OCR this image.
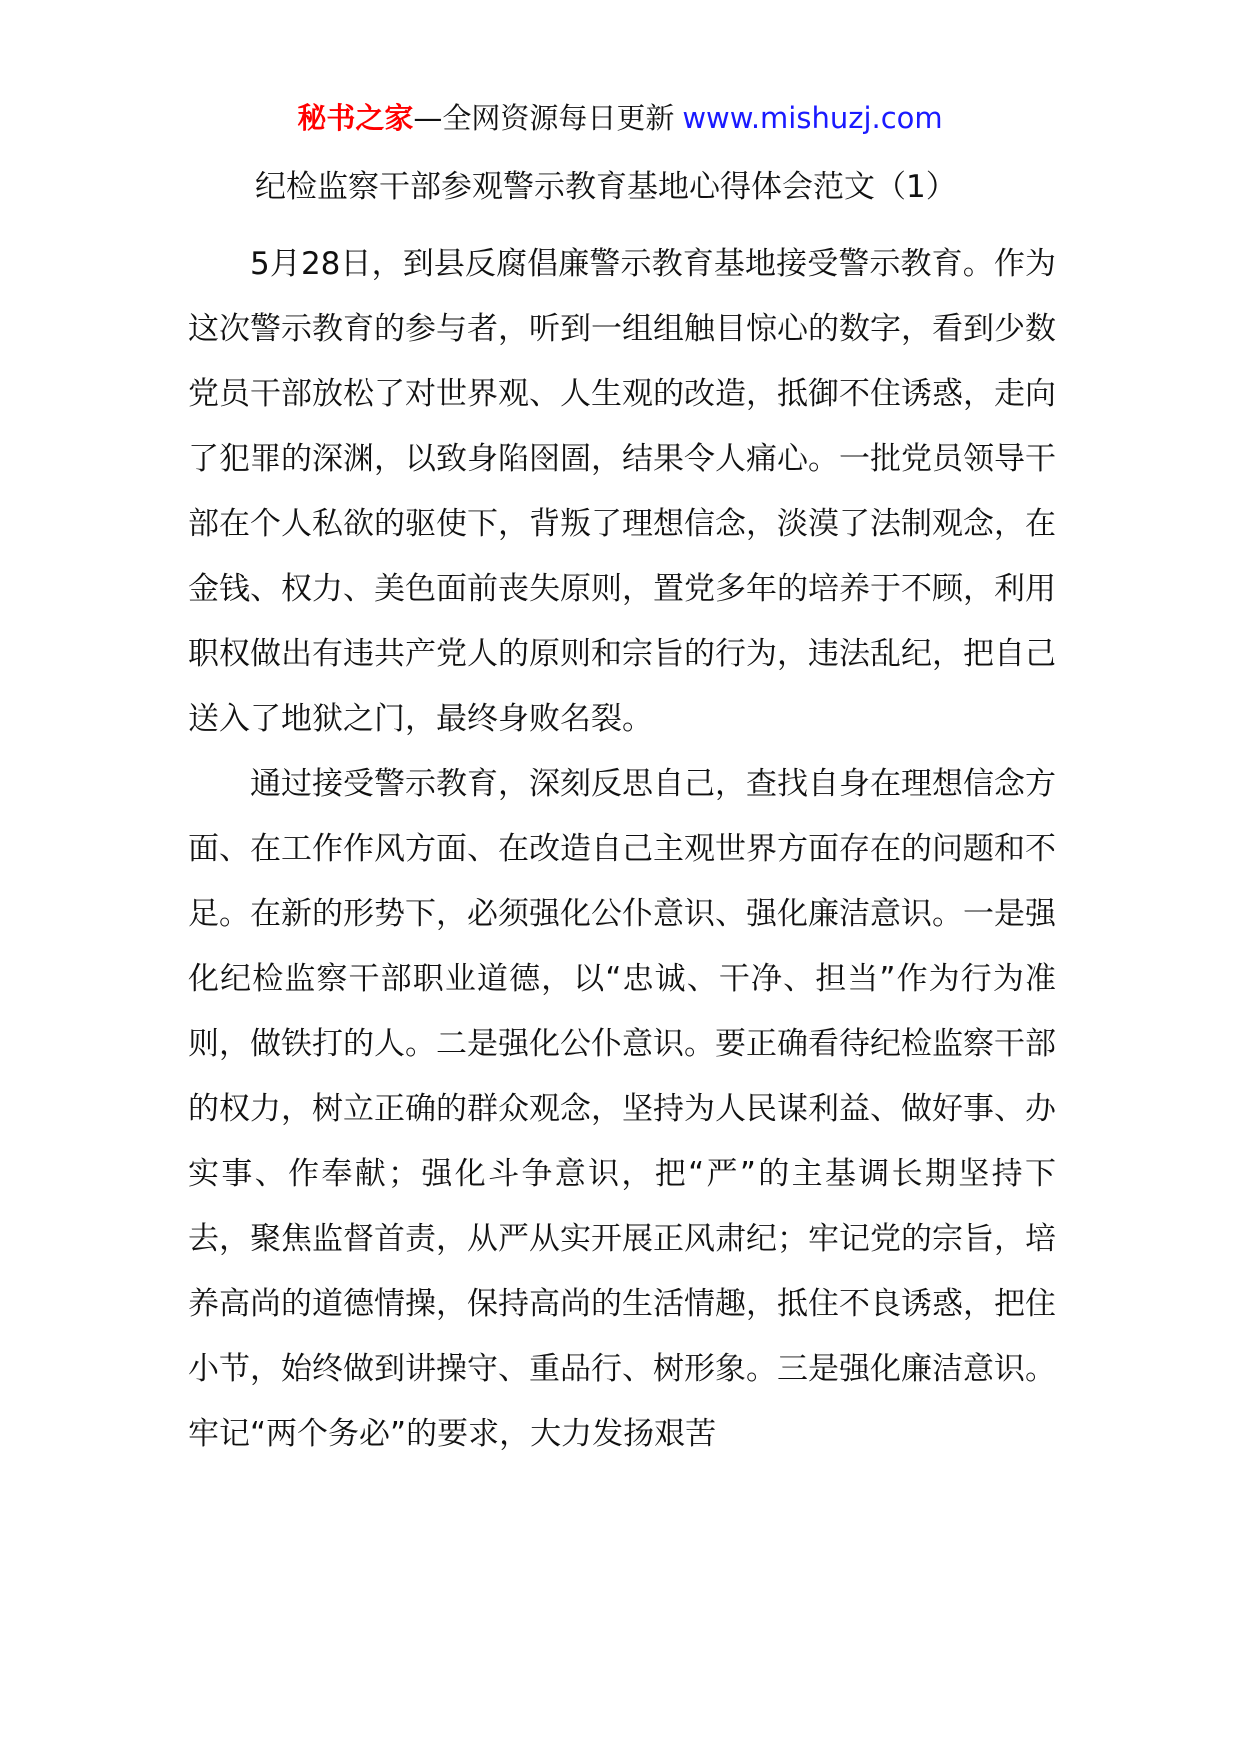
秘书之家—全网资源每日更新 www.mishuzj.com
纪检监察干部参观警示教育基地心得体会范文（1）

5月28日，到县反腐倡廉警示教育基地接受警示教育。作为这次警示教育的参与者，听到一组组触目惊心的数字，看到少数党员干部放松了对世界观、人生观的改造，抵御不住诱惑，走向了犯罪的深渊，以致身陷囹圄，结果令人痛心。一批党员领导干部在个人私欲的驱使下，背叛了理想信念，淡漠了法制观念，在金钱、权力、美色面前丧失原则，置党多年的培养于不顾，利用职权做出有违共产党人的原则和宗旨的行为，违法乱纪，把自己送入了地狱之门，最终身败名裂。

通过接受警示教育，深刻反思自己，查找自身在理想信念方面、在工作作风方面、在改造自己主观世界方面存在的问题和不足。在新的形势下，必须强化公仆意识、强化廉洁意识。一是强化纪检监察干部职业道德，以“忠诚、干净、担当”作为行为准则，做铁打的人。二是强化公仆意识。要正确看待纪检监察干部的权力，树立正确的群众观念，坚持为人民谋利益、做好事、办实事、作奉献；强化斗争意识，把“严”的主基调长期坚持下去，聚焦监督首责，从严从实开展正风肃纪；牢记党的宗旨，培养高尚的道德情操，保持高尚的生活情趣，抵住不良诱惑，把住小节，始终做到讲操守、重品行、树形象。三是强化廉洁意识。牢记“两个务必”的要求，大力发扬艰苦
